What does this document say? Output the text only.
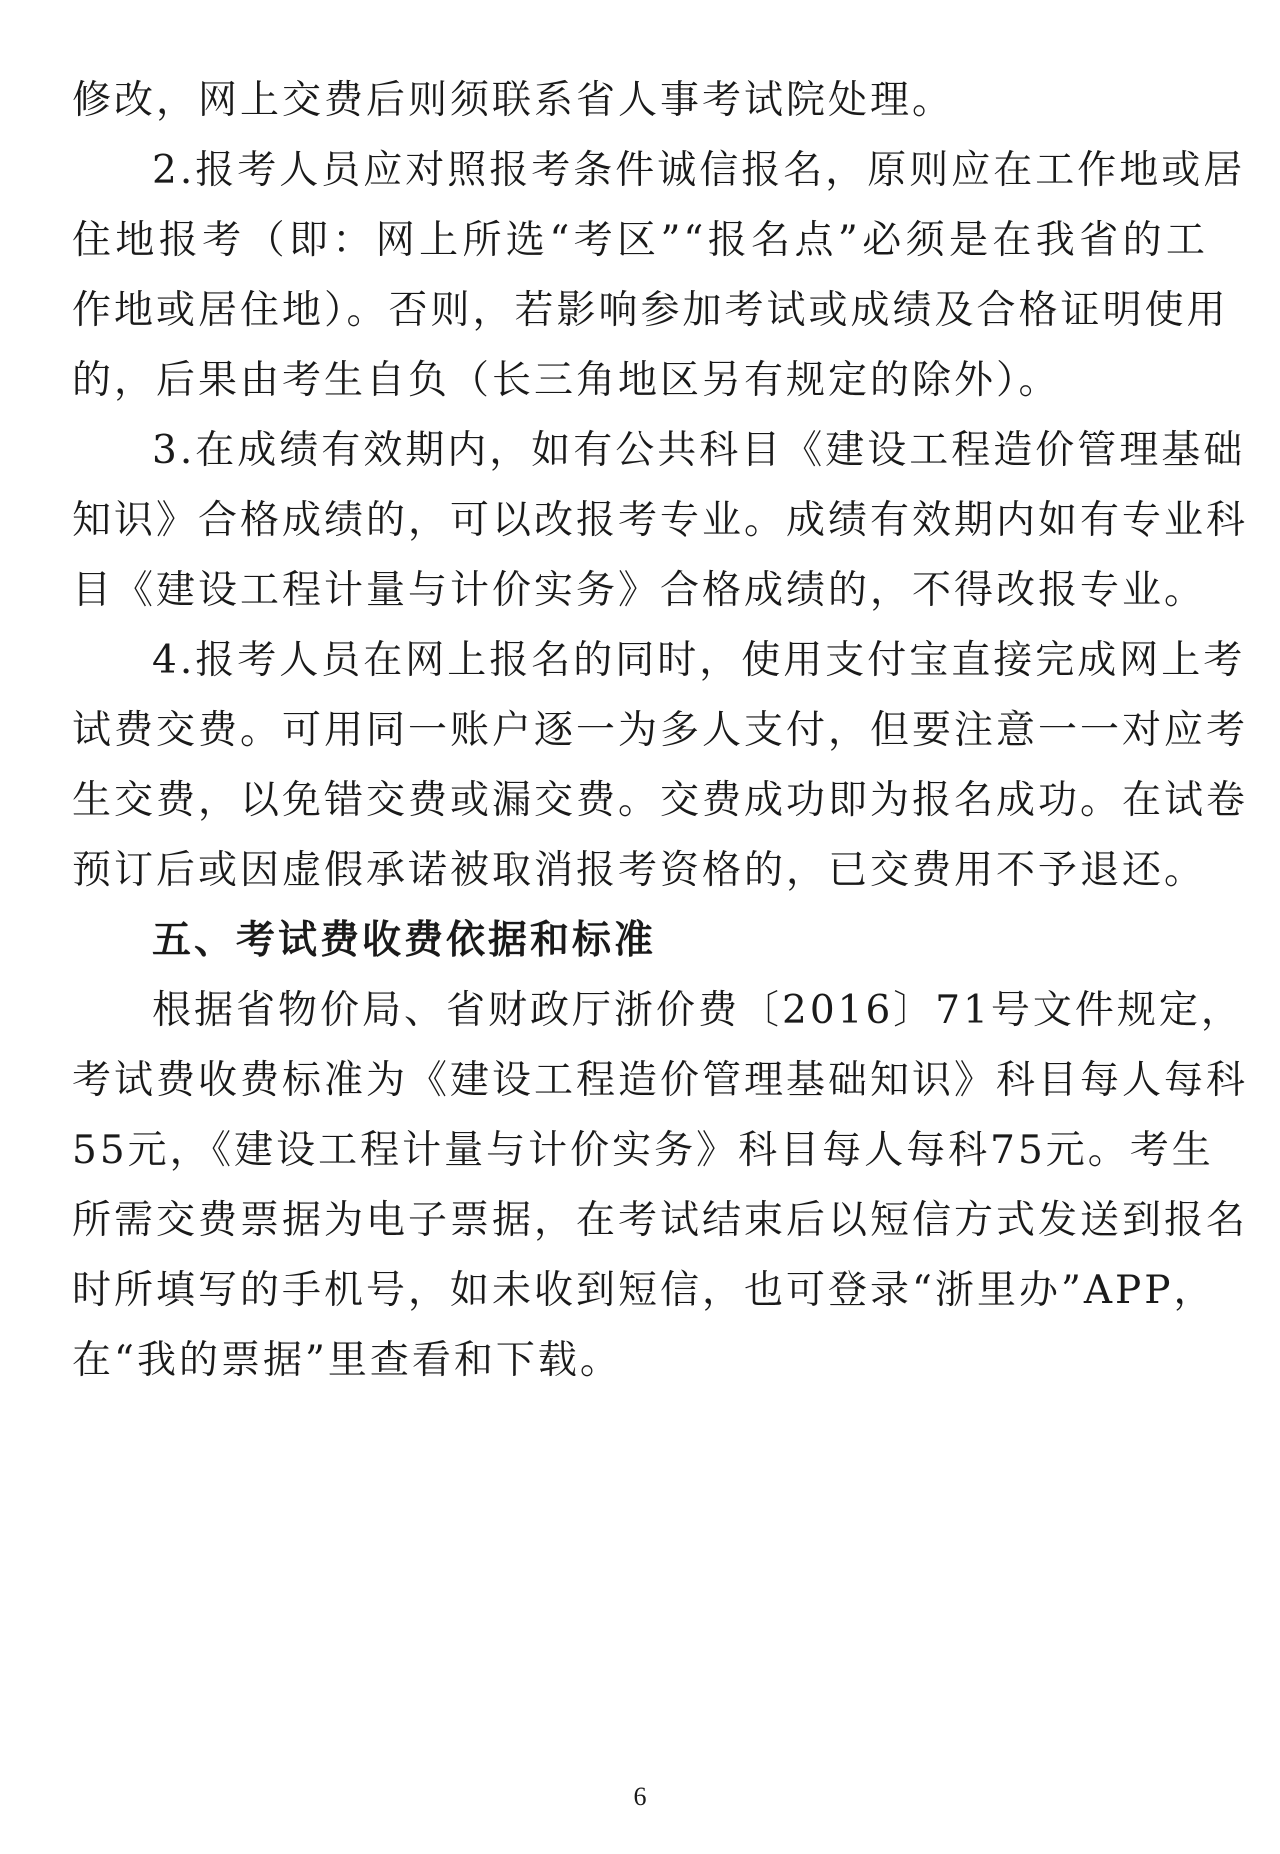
修改，网上交费后则须联系省人事考试院处理。
2.报考人员应对照报考条件诚信报名，原则应在工作地或居
住地报考（即：网上所选“考区”“报名点”必须是在我省的工
作地或居住地）。否则，若影响参加考试或成绩及合格证明使用
的，后果由考生自负（长三角地区另有规定的除外）。
3.在成绩有效期内，如有公共科目《建设工程造价管理基础
知识》合格成绩的，可以改报考专业。成绩有效期内如有专业科
目《建设工程计量与计价实务》合格成绩的，不得改报专业。
4.报考人员在网上报名的同时，使用支付宝直接完成网上考
试费交费。可用同一账户逐一为多人支付，但要注意一一对应考
生交费，以免错交费或漏交费。交费成功即为报名成功。在试卷
预订后或因虚假承诺被取消报考资格的，已交费用不予退还。
五、考试费收费依据和标准
根据省物价局、省财政厅浙价费〔2016〕71号文件规定，
考试费收费标准为《建设工程造价管理基础知识》科目每人每科
55元，《建设工程计量与计价实务》科目每人每科75元。考生
所需交费票据为电子票据，在考试结束后以短信方式发送到报名
时所填写的手机号，如未收到短信，也可登录“浙里办”APP，
在“我的票据”里查看和下载。
6
